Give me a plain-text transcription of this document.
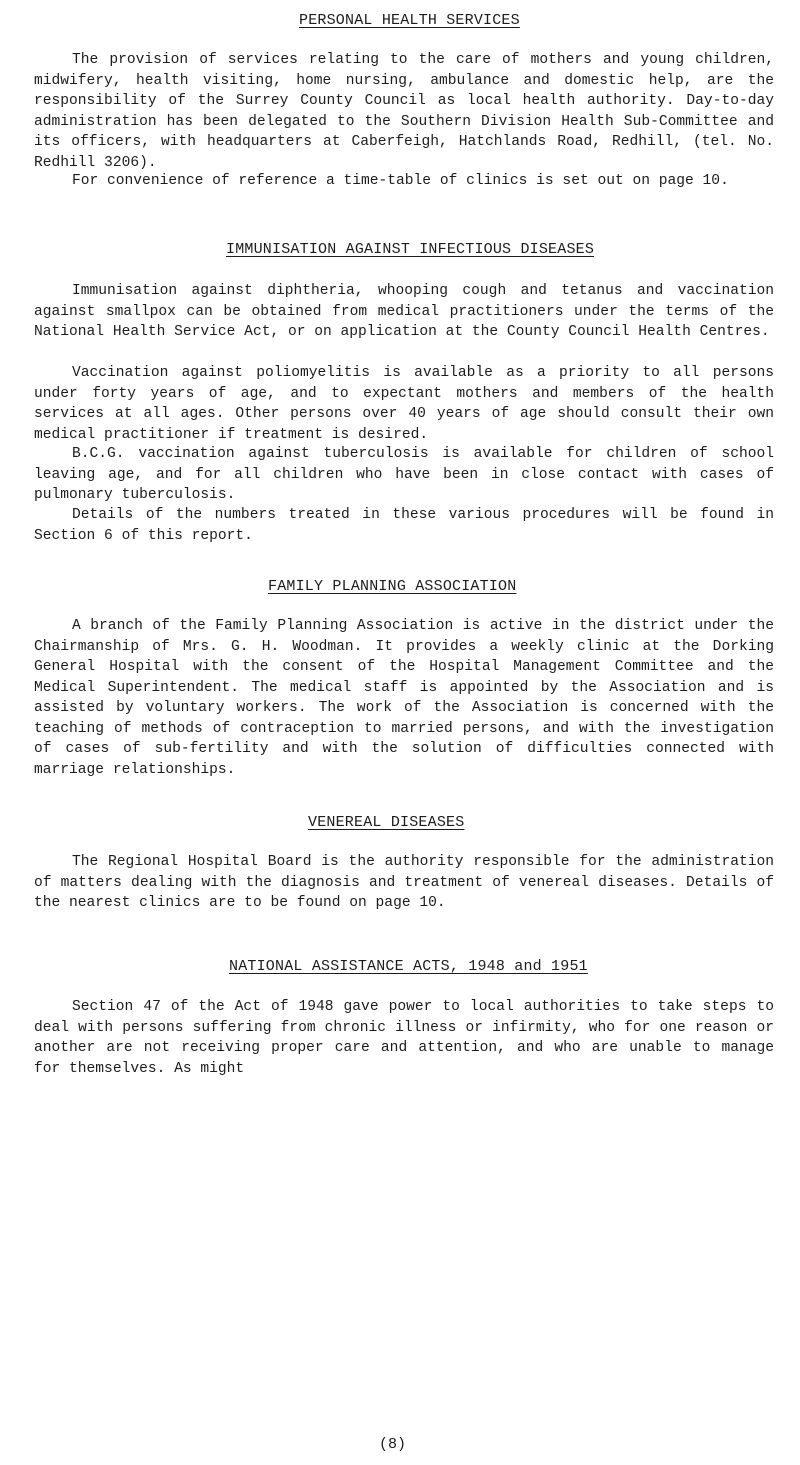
PERSONAL HEALTH SERVICES

The provision of services relating to the care of mothers and young children, midwifery, health visiting, home nursing, ambulance and domestic help, are the responsibility of the Surrey County Council as local health authority. Day-to-day administration has been delegated to the Southern Division Health Sub-Committee and its officers, with headquarters at Caberfeigh, Hatchlands Road, Redhill, (tel. No. Redhill 3206).

For convenience of reference a time-table of clinics is set out on page 10.

IMMUNISATION AGAINST INFECTIOUS DISEASES

Immunisation against diphtheria, whooping cough and tetanus and vaccination against smallpox can be obtained from medical practitioners under the terms of the National Health Service Act, or on application at the County Council Health Centres.

Vaccination against poliomyelitis is available as a priority to all persons under forty years of age, and to expectant mothers and members of the health services at all ages. Other persons over 40 years of age should consult their own medical practitioner if treatment is desired.

B.C.G. vaccination against tuberculosis is available for children of school leaving age, and for all children who have been in close contact with cases of pulmonary tuberculosis.

Details of the numbers treated in these various procedures will be found in Section 6 of this report.

FAMILY PLANNING ASSOCIATION

A branch of the Family Planning Association is active in the district under the Chairmanship of Mrs. G. H. Woodman. It provides a weekly clinic at the Dorking General Hospital with the consent of the Hospital Management Committee and the Medical Superintendent. The medical staff is appointed by the Association and is assisted by voluntary workers. The work of the Association is concerned with the teaching of methods of contraception to married persons, and with the investigation of cases of sub-fertility and with the solution of difficulties connected with marriage relationships.

VENEREAL DISEASES

The Regional Hospital Board is the authority responsible for the administration of matters dealing with the diagnosis and treatment of venereal diseases. Details of the nearest clinics are to be found on page 10.

NATIONAL ASSISTANCE ACTS, 1948 and 1951

Section 47 of the Act of 1948 gave power to local authorities to take steps to deal with persons suffering from chronic illness or infirmity, who for one reason or another are not receiving proper care and attention, and who are unable to manage for themselves. As might

(8)
